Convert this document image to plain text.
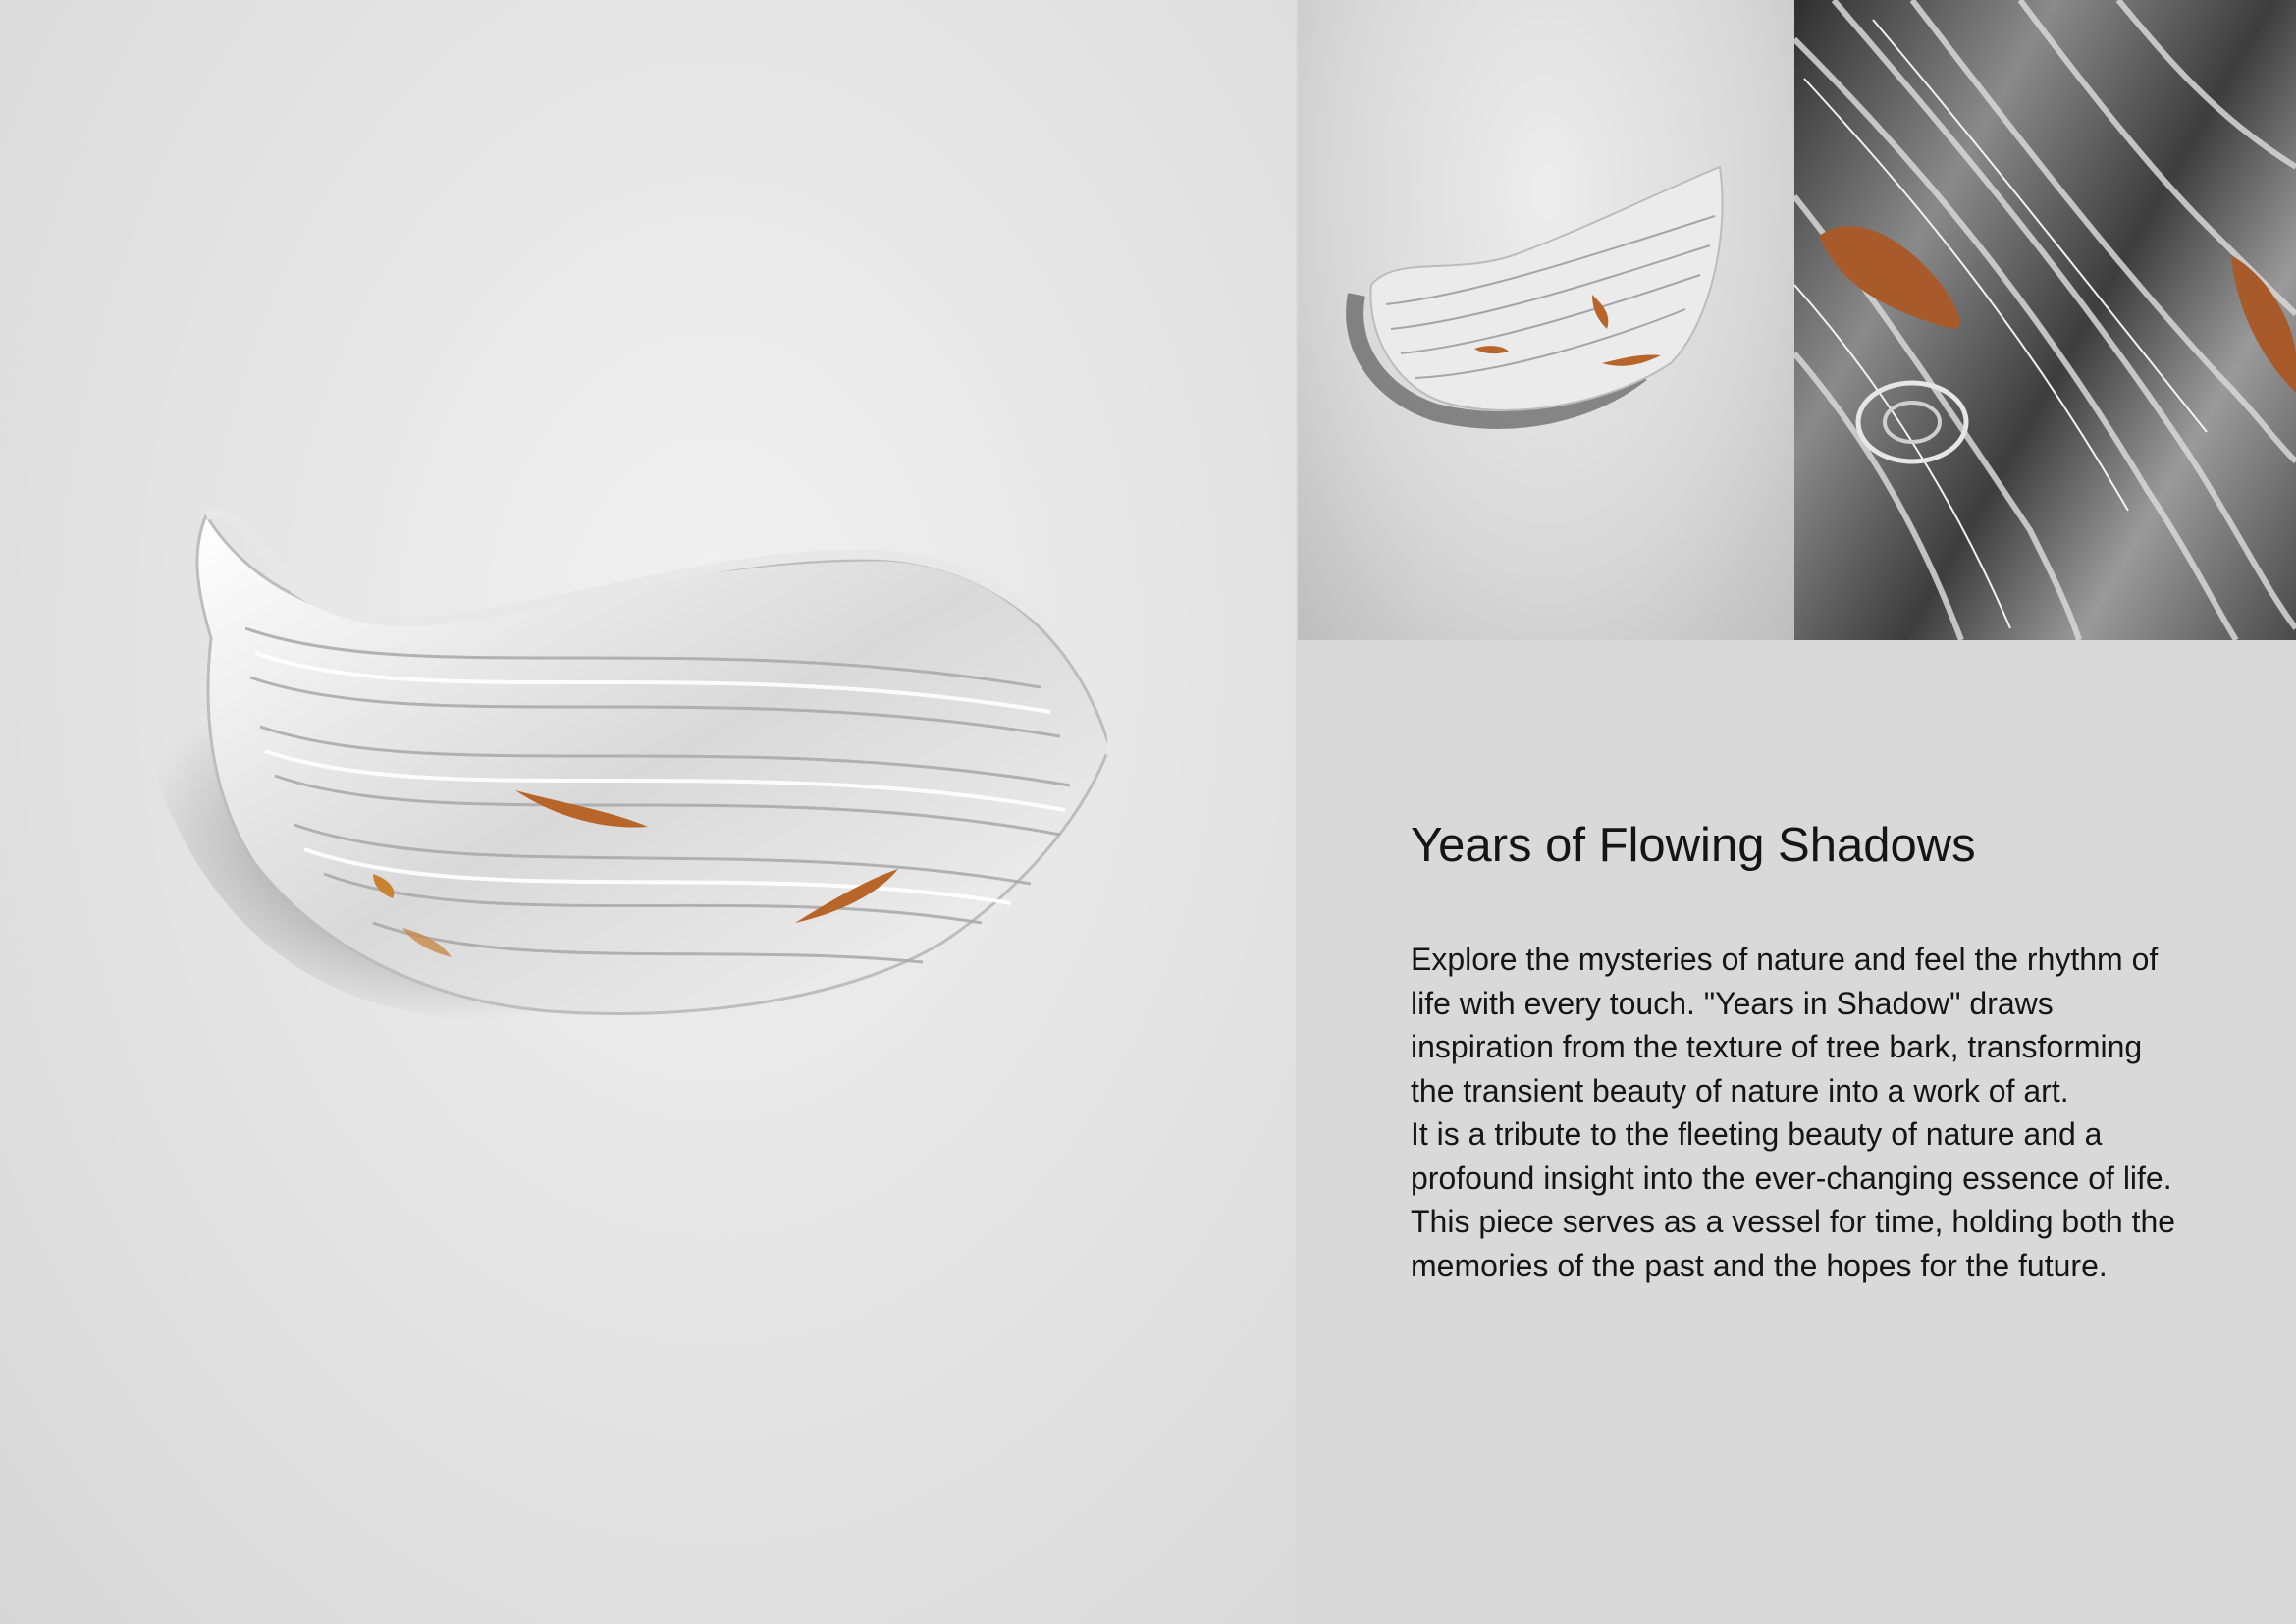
Years of Flowing Shadows

Explore the mysteries of nature and feel the rhythm of life with every touch. "Years in Shadow" draws inspiration from the texture of tree bark, transforming the transient beauty of nature into a work of art.

It is a tribute to the fleeting beauty of nature and a profound insight into the ever-changing essence of life. This piece serves as a vessel for time, holding both the memories of the past and the hopes for the future.
